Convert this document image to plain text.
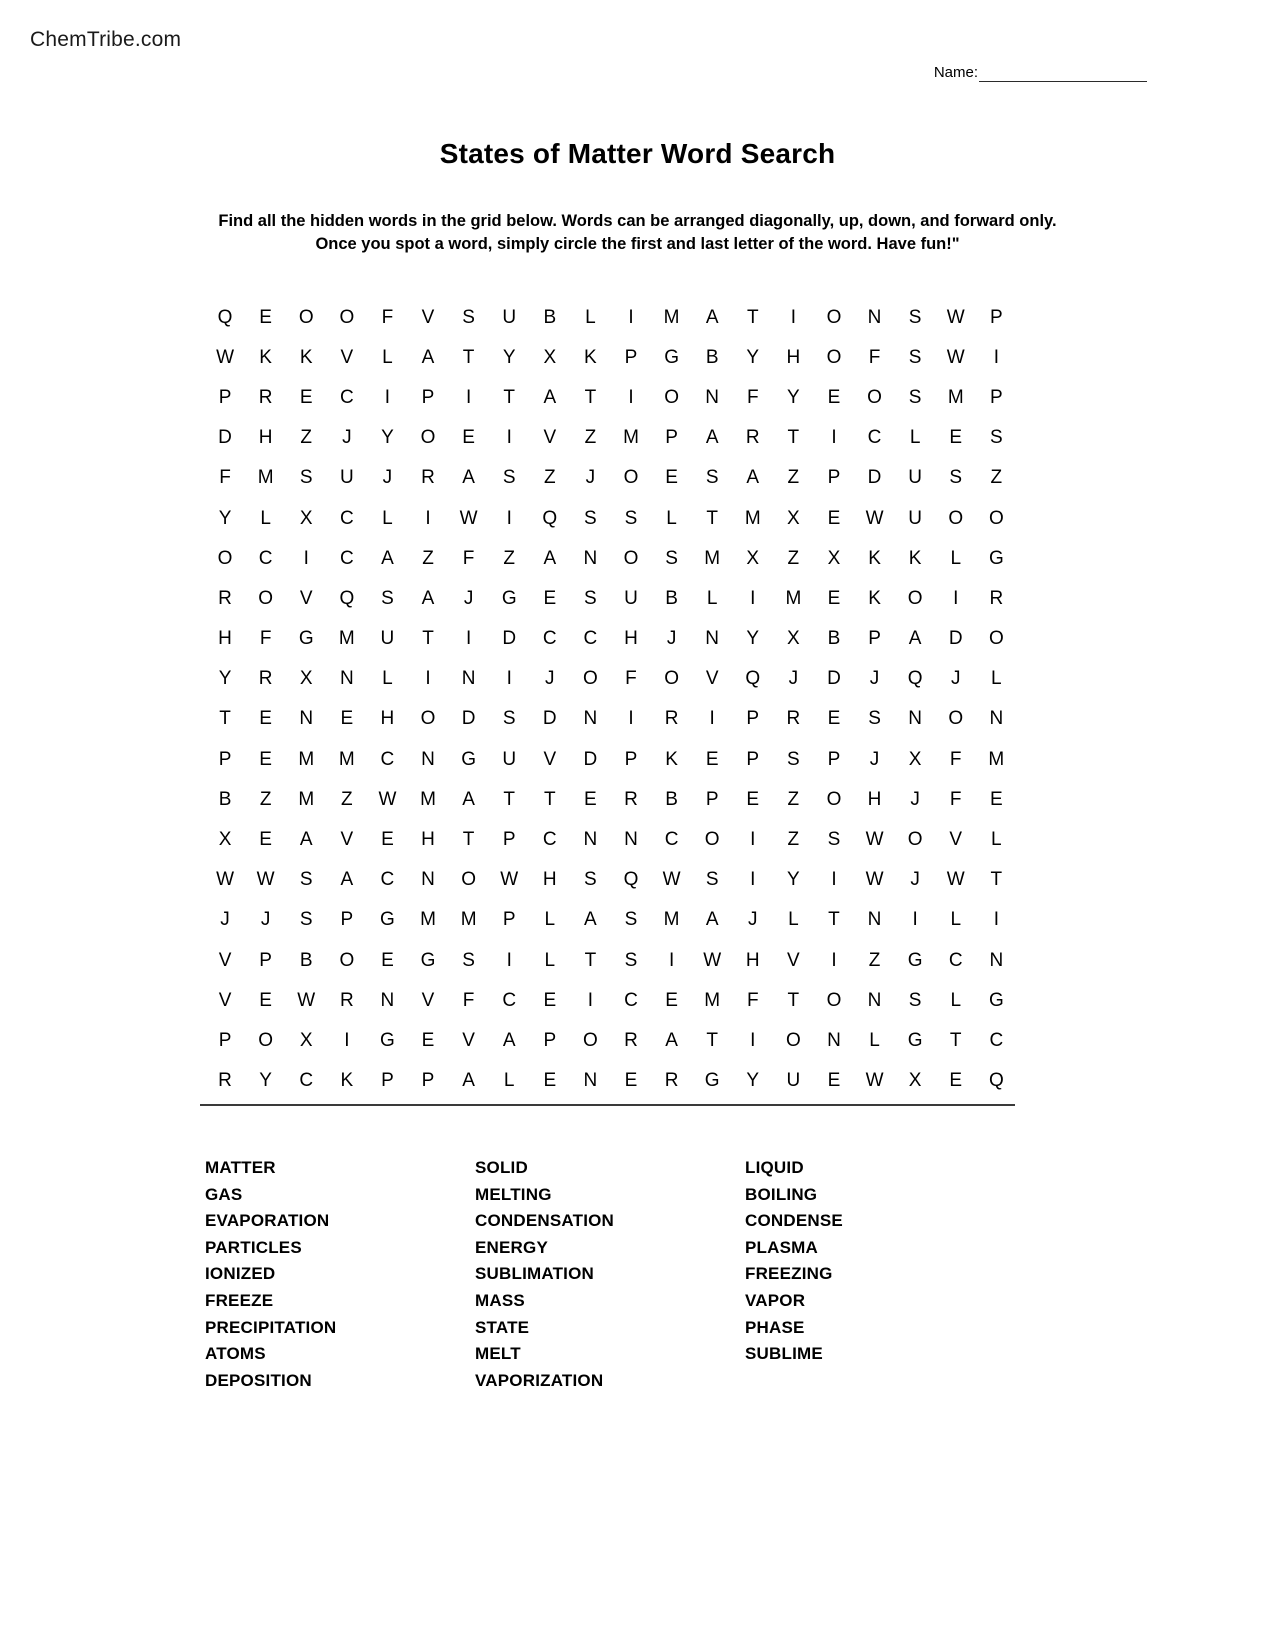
ChemTribe.com
Name:
States of Matter Word Search
Find all the hidden words in the grid below. Words can be arranged diagonally, up, down, and forward only.
Once you spot a word, simply circle the first and last letter of the word. Have fun!"
Q	E	O	O	F	V	S	U	B	L	I	M	A	T	I	O	N	S	W	P
W	K	K	V	L	A	T	Y	X	K	P	G	B	Y	H	O	F	S	W	I
P	R	E	C	I	P	I	T	A	T	I	O	N	F	Y	E	O	S	M	P
D	H	Z	J	Y	O	E	I	V	Z	M	P	A	R	T	I	C	L	E	S
F	M	S	U	J	R	A	S	Z	J	O	E	S	A	Z	P	D	U	S	Z
Y	L	X	C	L	I	W	I	Q	S	S	L	T	M	X	E	W	U	O	O
O	C	I	C	A	Z	F	Z	A	N	O	S	M	X	Z	X	K	K	L	G
R	O	V	Q	S	A	J	G	E	S	U	B	L	I	M	E	K	O	I	R
H	F	G	M	U	T	I	D	C	C	H	J	N	Y	X	B	P	A	D	O
Y	R	X	N	L	I	N	I	J	O	F	O	V	Q	J	D	J	Q	J	L
T	E	N	E	H	O	D	S	D	N	I	R	I	P	R	E	S	N	O	N
P	E	M	M	C	N	G	U	V	D	P	K	E	P	S	P	J	X	F	M
B	Z	M	Z	W	M	A	T	T	E	R	B	P	E	Z	O	H	J	F	E
X	E	A	V	E	H	T	P	C	N	N	C	O	I	Z	S	W	O	V	L
W	W	S	A	C	N	O	W	H	S	Q	W	S	I	Y	I	W	J	W	T
J	J	S	P	G	M	M	P	L	A	S	M	A	J	L	T	N	I	L	I
V	P	B	O	E	G	S	I	L	T	S	I	W	H	V	I	Z	G	C	N
V	E	W	R	N	V	F	C	E	I	C	E	M	F	T	O	N	S	L	G
P	O	X	I	G	E	V	A	P	O	R	A	T	I	O	N	L	G	T	C
R	Y	C	K	P	P	A	L	E	N	E	R	G	Y	U	E	W	X	E	Q
MATTER
GAS
EVAPORATION
PARTICLES
IONIZED
FREEZE
PRECIPITATION
ATOMS
DEPOSITION
SOLID
MELTING
CONDENSATION
ENERGY
SUBLIMATION
MASS
STATE
MELT
VAPORIZATION
LIQUID
BOILING
CONDENSE
PLASMA
FREEZING
VAPOR
PHASE
SUBLIME
